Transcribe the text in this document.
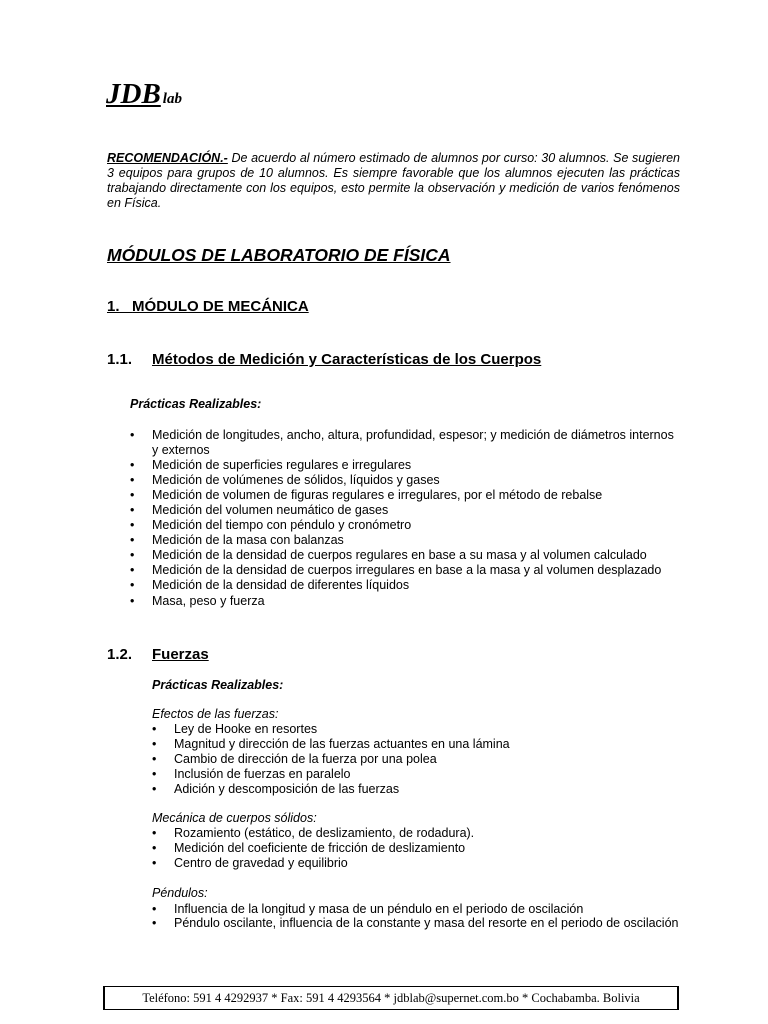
JDB lab
RECOMENDACIÓN.- De acuerdo al número estimado de alumnos por curso: 30 alumnos. Se sugieren 3 equipos para grupos de 10 alumnos. Es siempre favorable que los alumnos ejecuten las prácticas trabajando directamente con los equipos, esto permite la observación y medición de varios fenómenos en Física.
MÓDULOS DE LABORATORIO DE FÍSICA
1. MÓDULO DE MECÁNICA
1.1. Métodos de Medición y Características de los Cuerpos
Prácticas Realizables:
• Medición de longitudes, ancho, altura, profundidad, espesor; y medición de diámetros internos y externos
• Medición de superficies regulares e irregulares
• Medición de volúmenes de sólidos, líquidos y gases
• Medición de volumen de figuras regulares e irregulares, por el método de rebalse
• Medición del volumen neumático de gases
• Medición del tiempo con péndulo y cronómetro
• Medición de la masa con balanzas
• Medición de la densidad de cuerpos regulares en base a su masa y al volumen calculado
• Medición de la densidad de cuerpos irregulares en base a la masa y al volumen desplazado
• Medición de la densidad de diferentes líquidos
• Masa, peso y fuerza
1.2. Fuerzas
Prácticas Realizables:
Efectos de las fuerzas:
• Ley de Hooke en resortes
• Magnitud y dirección de las fuerzas actuantes en una lámina
• Cambio de dirección de la fuerza por una polea
• Inclusión de fuerzas en paralelo
• Adición y descomposición de las fuerzas
Mecánica de cuerpos sólidos:
• Rozamiento (estático, de deslizamiento, de rodadura).
• Medición del coeficiente de fricción de deslizamiento
• Centro de gravedad y equilibrio
Péndulos:
• Influencia de la longitud y masa de un péndulo en el periodo de oscilación
• Péndulo oscilante, influencia de la constante y masa del resorte en el periodo de oscilación
Teléfono: 591 4 4292937 * Fax: 591 4 4293564 * jdblab@supernet.com.bo * Cochabamba. Bolivia
